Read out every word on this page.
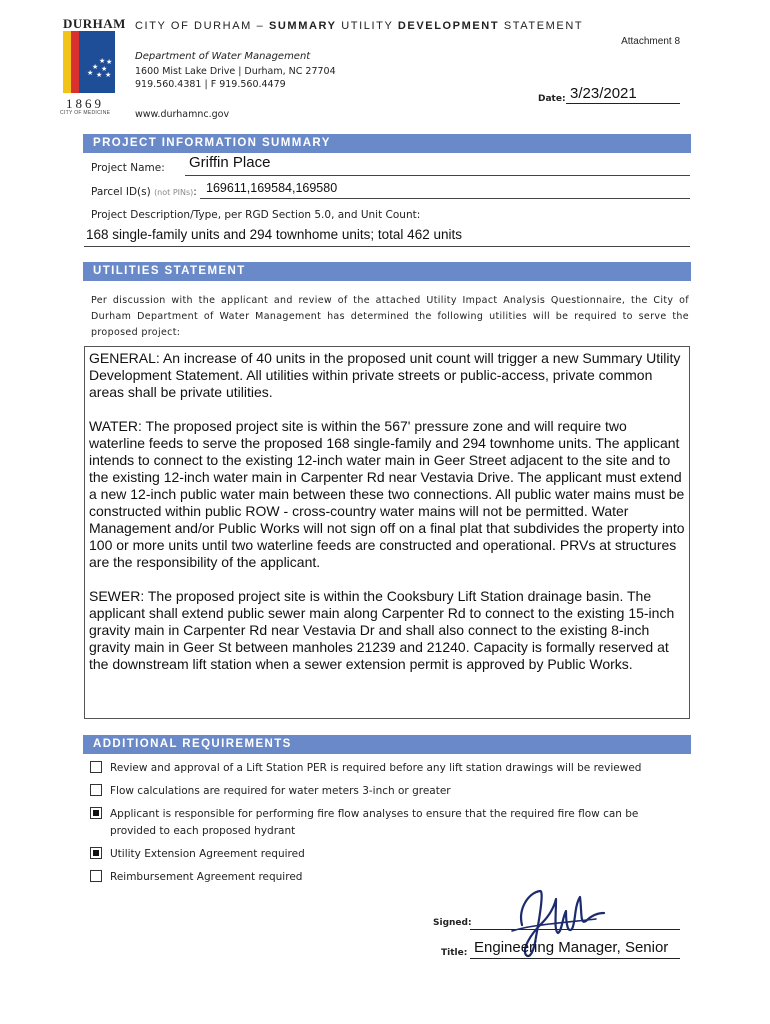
DURHAM
★ ★
★ ★
★ ★ ★
1869
CITY OF MEDICINE
CITY OF DURHAM – SUMMARY UTILITY DEVELOPMENT STATEMENT
Attachment 8
Department of Water Management
1600 Mist Lake Drive | Durham, NC 27704
919.560.4381 | F 919.560.4479
www.durhamnc.gov
Date: 3/23/2021
PROJECT INFORMATION SUMMARY
Project Name: Griffin Place
Parcel ID(s) (not PINs): 169611,169584,169580
Project Description/Type, per RGD Section 5.0, and Unit Count:
168 single-family units and 294 townhome units; total 462 units
UTILITIES STATEMENT
Per discussion with the applicant and review of the attached Utility Impact Analysis Questionnaire, the City of Durham Department of Water Management has determined the following utilities will be required to serve the proposed project:

GENERAL: An increase of 40 units in the proposed unit count will trigger a new Summary Utility Development Statement. All utilities within private streets or public-access, private common areas shall be private utilities.

WATER: The proposed project site is within the 567' pressure zone and will require two waterline feeds to serve the proposed 168 single-family and 294 townhome units. The applicant intends to connect to the existing 12-inch water main in Geer Street adjacent to the site and to the existing 12-inch water main in Carpenter Rd near Vestavia Drive. The applicant must extend a new 12-inch public water main between these two connections. All public water mains must be constructed within public ROW - cross-country water mains will not be permitted. Water Management and/or Public Works will not sign off on a final plat that subdivides the property into 100 or more units until two waterline feeds are constructed and operational. PRVs at structures are the responsibility of the applicant.

SEWER: The proposed project site is within the Cooksbury Lift Station drainage basin. The applicant shall extend public sewer main along Carpenter Rd to connect to the existing 15-inch gravity main in Carpenter Rd near Vestavia Dr and shall also connect to the existing 8-inch gravity main in Geer St between manholes 21239 and 21240. Capacity is formally reserved at the downstream lift station when a sewer extension permit is approved by Public Works.

ADDITIONAL REQUIREMENTS
Review and approval of a Lift Station PER is required before any lift station drawings will be reviewed
Flow calculations are required for water meters 3-inch or greater
Applicant is responsible for performing fire flow analyses to ensure that the required fire flow can be provided to each proposed hydrant
Utility Extension Agreement required
Reimbursement Agreement required
Signed:
Title: Engineering Manager, Senior
